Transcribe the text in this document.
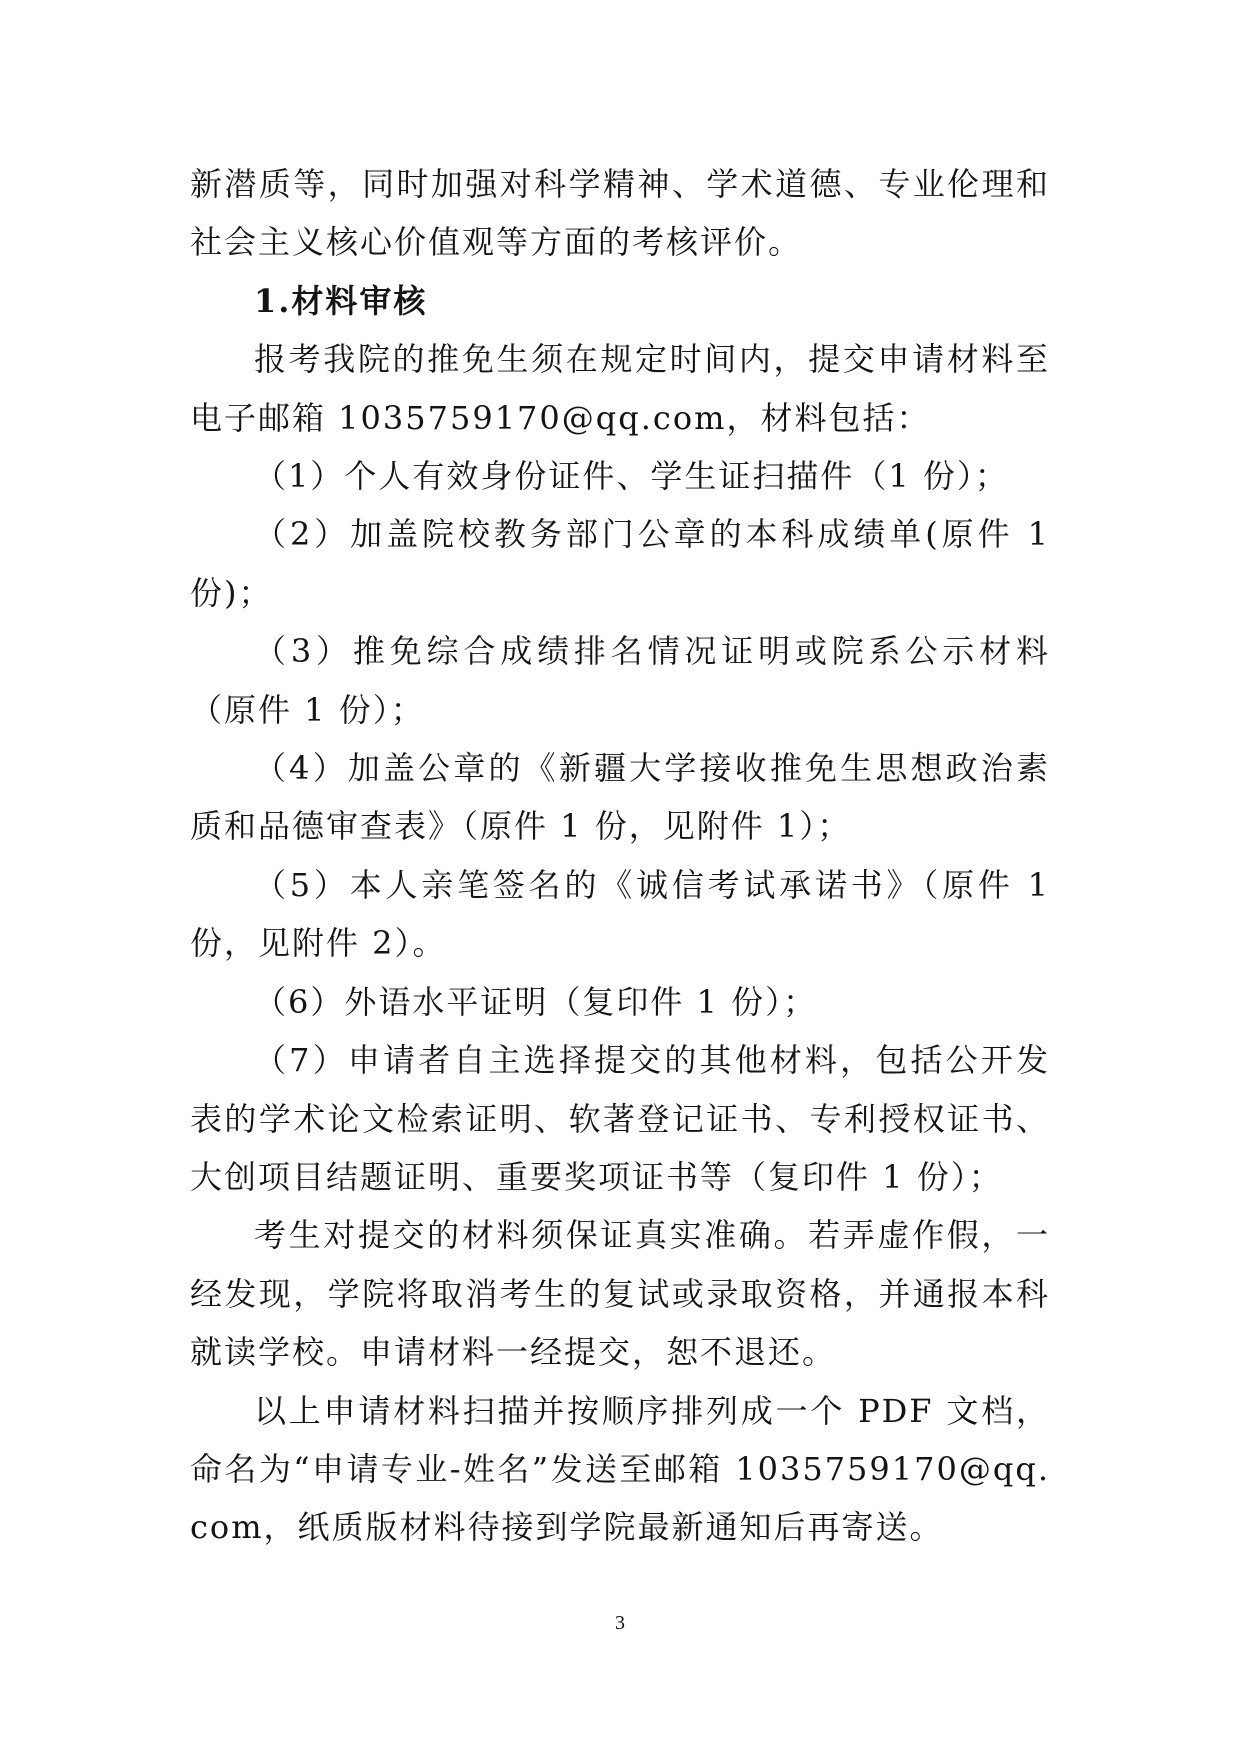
新潜质等，同时加强对科学精神、学术道德、专业伦理和社会主义核心价值观等方面的考核评价。

1.材料审核

报考我院的推免生须在规定时间内，提交申请材料至电子邮箱 1035759170@qq.com，材料包括：

（1）个人有效身份证件、学生证扫描件（1 份）；

（2）加盖院校教务部门公章的本科成绩单(原件 1 份)；

（3）推免综合成绩排名情况证明或院系公示材料（原件 1 份）；

（4）加盖公章的《新疆大学接收推免生思想政治素质和品德审查表》（原件 1 份，见附件 1）；

（5）本人亲笔签名的《诚信考试承诺书》（原件 1 份，见附件 2）。

（6）外语水平证明（复印件 1 份）；

（7）申请者自主选择提交的其他材料，包括公开发表的学术论文检索证明、软著登记证书、专利授权证书、大创项目结题证明、重要奖项证书等（复印件 1 份）；

考生对提交的材料须保证真实准确。若弄虚作假，一经发现，学院将取消考生的复试或录取资格，并通报本科就读学校。申请材料一经提交，恕不退还。

以上申请材料扫描并按顺序排列成一个 PDF 文档，命名为“申请专业-姓名”发送至邮箱 1035759170@qq.com，纸质版材料待接到学院最新通知后再寄送。

3
